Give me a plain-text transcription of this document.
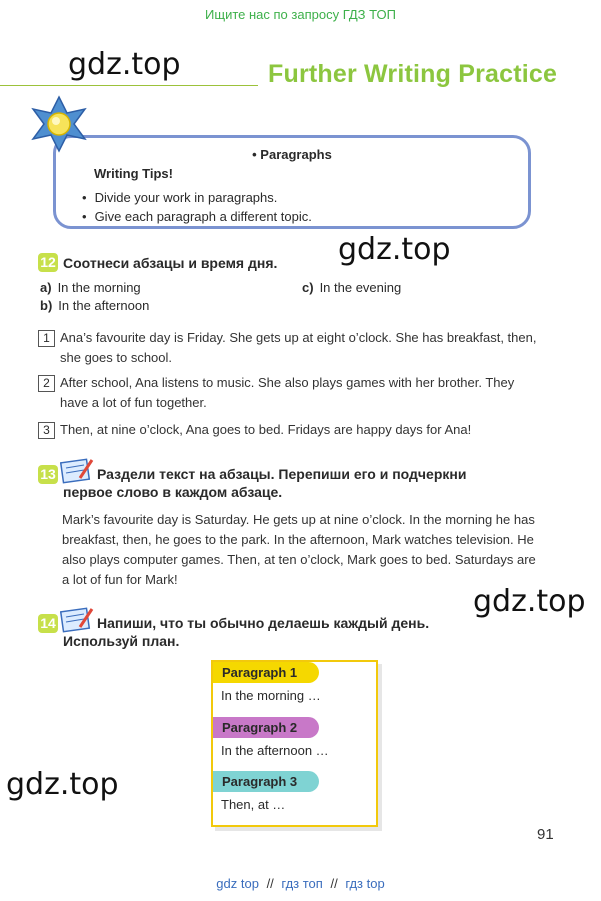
Ищите нас по запросу ГДЗ ТОП
gdz.top
gdz.top
gdz.top
gdz.top
Further Writing Practice
• Paragraphs
Writing Tips!
• Divide your work in paragraphs.
• Give each paragraph a different topic.
12 Соотнеси абзацы и время дня.
a) In the morning
b) In the afternoon
c) In the evening
1 Ana’s favourite day is Friday. She gets up at eight o’clock. She has breakfast, then,
she goes to school.
2 After school, Ana listens to music. She also plays games with her brother. They
have a lot of fun together.
3 Then, at nine o’clock, Ana goes to bed. Fridays are happy days for Ana!
13	Раздели текст на абзацы. Перепиши его и подчеркни
первое слово в каждом абзаце.
Mark’s favourite day is Saturday. He gets up at nine o’clock. In the morning he has
breakfast, then, he goes to the park. In the afternoon, Mark watches television. He
also plays computer games. Then, at ten o’clock, Mark goes to bed. Saturdays are
a lot of fun for Mark!
14	Напиши, что ты обычно делаешь каждый день.
Используй план.
Paragraph 1
In the morning …
Paragraph 2
In the afternoon …
Paragraph 3
Then, at …
91
gdz top // гдз топ // гдз top
